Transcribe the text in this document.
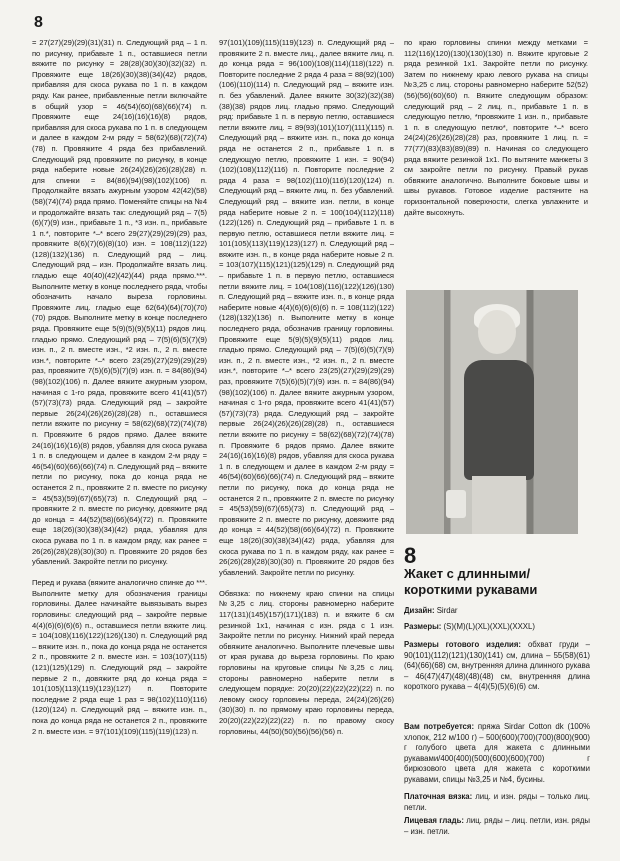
8
= 27(27)(29)(29)(31)(31) п. Следующий ряд – 1 п. по рисунку, прибавьте 1 п., оставшиеся петли вяжите по рисунку = 28(28)(30)(30)(32)(32) п. Провяжите еще 18(26)(30)(38)(34)(42) рядов, прибавляя для скоса рукава по 1 п. в каждом ряду. Как ранее, прибавленные петли включайте в общий узор = 46(54)(60)(68)(66)(74) п. Провяжите еще 24(16)(16)(16)(8) рядов, прибавляя для скоса рукава по 1 п. в следующем и далее в каждом 2-м ряду = 58(62)(68)(72)(74)(78) п. Провяжите 4 ряда без прибавлений. Следующий ряд провяжите по рисунку, в конце ряда наберите новые 26(24)(26)(26)(28)(28) п. для спинки = 84(86)(94)(98)(102)(106) п. Продолжайте вязать ажурным узором 42(42)(58)(58)(74)(74) ряда прямо. Поменяйте спицы на №4 и продолжайте вязать так: следующий ряд – 7(5)(6)(7)(9) изн., прибавьте 1 п., *3 изн. п., прибавьте 1 п.*, повторите *–* всего 29(27)(29)(29)(29) раз, провяжите 8(6)(7)(6)(8)(10) изн. = 108(112)(122)(128)(132)(136) п. Следующий ряд – лиц. Следующий ряд – изн. Продолжайте вязать лиц. гладью еще 40(40)(42)(42)(44) ряда прямо.***. Выполните метку в конце последнего ряда, чтобы обозначить начало выреза горловины. Провяжите лиц. гладью еще 62(64)(64)(70)(70)(70) рядов. Выполните метку в конце последнего ряда. Провяжите еще 5(9)(5)(9)(5)(11) рядов лиц. гладью прямо. Следующий ряд – 7(5)(6)(5)(7)(9) изн. п., 2 п. вместе изн., *2 изн. п., 2 п. вместе изн.*, повторите *–* всего 23(25)(27)(29)(29)(29) раз, провяжите 7(5)(6)(5)(7)(9) изн. п. = 84(86)(94)(98)(102)(106) п. Далее вяжите ажурным узором, начиная с 1-го ряда, провяжите всего 41(41)(57)(57)(73)(73) ряда. Следующий ряд – закройте первые 26(24)(26)(26)(28)(28) п., оставшиеся петли вяжите по рисунку = 58(62)(68)(72)(74)(78) п. Провяжите 6 рядов прямо. Далее вяжите 24(16)(16)(16)(8) рядов, убавляя для скоса рукава 1 п. в следующем и далее в каждом 2-м ряду = 46(54)(60)(66)(66)(74) п. Следующий ряд – вяжите петли по рисунку, пока до конца ряда не останется 2 п., провяжите 2 п. вместе по рисунку = 45(53)(59)(67)(65)(73) п. Следующий ряд – провяжите 2 п. вместе по рисунку, довяжите ряд до конца = 44(52)(58)(66)(64)(72) п. Провяжите еще 18(26)(30)(38)(34)(42) ряда, убавляя для скоса рукава по 1 п. в каждом ряду, как ранее = 26(26)(28)(28)(30)(30) п. Провяжите 20 рядов без убавлений. Закройте петли по рисунку.

Перед и рукава (вяжите аналогично спинке до ***. Выполните метку для обозначения границы горловины. Далее начинайте вывязывать вырез горловины: следующий ряд – закройте первые 4(4)(6)(6)(6)(6) п., оставшиеся петли вяжите лиц. = 104(108)(116)(122)(126)(130) п. Следующий ряд – вяжите изн. п., пока до конца ряда не останется 2 п., провяжите 2 п. вместе изн. = 103(107)(115)(121)(125)(129) п. Следующий ряд – закройте первые 2 п., довяжите ряд до конца ряда = 101(105)(113)(119)(123)(127) п. Повторите последние 2 ряда еще 1 раз = 98(102)(110)(116)(120)(124) п. Следующий ряд – вяжите изн. п., пока до конца ряда не останется 2 п., провяжите 2 п. вместе изн. = 97(101)(109)(115)(119)(123) п.
97(101)(109)(115)(119)(123) п. Следующий ряд – провяжите 2 п. вместе лиц., далее вяжите лиц. п. до конца ряда = 96(100)(108)(114)(118)(122) п. Повторите последние 2 ряда 4 раза = 88(92)(100)(106)(110)(114) п. Следующий ряд – вяжите изн. п. без убавлений. Далее вяжите 30(32)(32)(38)(38)(38) рядов лиц. гладью прямо. Следующий ряд: прибавьте 1 п. в первую петлю, оставшиеся петли вяжите лиц. = 89(93)(101)(107)(111)(115) п. Следующий ряд – вяжите изн. п., пока до конца ряда не останется 2 п., прибавьте 1 п. в следующую петлю, провяжите 1 изн. = 90(94)(102)(108)(112)(116) п. Повторите последние 2 ряда 4 раза = 98(102)(110)(116)(120)(124) п. Следующий ряд – вяжите лиц. п. без убавлений. Следующий ряд – вяжите изн. петли, в конце ряда наберите новые 2 п. = 100(104)(112)(118)(122)(126) п. Следующий ряд – прибавьте 1 п. в первую петлю, оставшиеся петли вяжите лиц. = 101(105)(113)(119)(123)(127) п. Следующий ряд – вяжите изн. п., в конце ряда наберите новые 2 п. = 103(107)(115)(121)(125)(129) п. Следующий ряд – прибавьте 1 п. в первую петлю, оставшиеся петли вяжите лиц. = 104(108)(116)(122)(126)(130) п. Следующий ряд – вяжите изн. п., в конце ряда наберите новые 4(4)(6)(6)(6)(6) п. = 108(112)(122)(128)(132)(136) п. Выполните метку в конце последнего ряда, обозначив границу горловины. Провяжите еще 5(9)(5)(9)(5)(11) рядов лиц. гладью прямо. Следующий ряд – 7(5)(6)(5)(7)(9) изн. п., 2 п. вместе изн., *2 изн. п., 2 п. вместе изн.*, повторите *–* всего 23(25)(27)(29)(29)(29) раз, провяжите 7(5)(6)(5)(7)(9) изн. п. = 84(86)(94)(98)(102)(106) п. Далее вяжите ажурным узором, начиная с 1-го ряда, провяжите всего 41(41)(57)(57)(73)(73) ряда. Следующий ряд – закройте первые 26(24)(26)(26)(28)(28) п., оставшиеся петли вяжите по рисунку = 58(62)(68)(72)(74)(78) п. Провяжите 6 рядов прямо. Далее вяжите 24(16)(16)(16)(8) рядов, убавляя для скоса рукава 1 п. в следующем и далее в каждом 2-м ряду = 46(54)(60)(66)(66)(74) п. Следующий ряд – вяжите петли по рисунку, пока до конца ряда не останется 2 п., провяжите 2 п. вместе по рисунку = 45(53)(59)(67)(65)(73) п. Следующий ряд – провяжите 2 п. вместе по рисунку, довяжите ряд до конца = 44(52)(58)(66)(64)(72) п. Провяжите еще 18(26)(30)(38)(34)(42) ряда, убавляя для скоса рукава по 1 п. в каждом ряду, как ранее = 26(26)(28)(28)(30)(30) п. Провяжите 20 рядов без убавлений. Закройте петли по рисунку.

Обвязка: по нижнему краю спинки на спицы №3,25 с лиц. стороны равномерно наберите 117(131)(145)(157)(171)(183) п. и вяжите 6 см резинкой 1х1, начиная с изн. ряда с 1 изн. Закройте петли по рисунку. Нижний край переда обвяжите аналогично. Выполните плечевые швы от края рукава до выреза горловины. По краю горловины на круговые спицы №3,25 с лиц. стороны равномерно наберите петли в следующем порядке: 20(20)(22)(22)(22)(22) п. по левому скосу горловины переда, 24(24)(26)(26)(30)(30) п. по прямому краю горловины переда, 20(20)(22)(22)(22)(22) п. по правому скосу горловины, 44(50)(50)(56)(56)(56) п.
по краю горловины спинки между метками = 112(116)(120)(130)(130)(130) п. Вяжите круговые 2 ряда резинкой 1х1. Закройте петли по рисунку. Затем по нижнему краю левого рукава на спицы №3,25 с лиц. стороны равномерно наберите 52(52)(56)(56)(60)(60) п. Вяжите следующим образом: следующий ряд – 2 лиц. п., прибавьте 1 п. в следующую петлю, *провяжите 1 изн. п., прибавьте 1 п. в следующую петлю*, повторите *–* всего 24(24)(26)(26)(28)(28) раз, провяжите 1 лиц. п. = 77(77)(83)(83)(89)(89) п. Начиная со следующего ряда вяжите резинкой 1х1. По вытяните манжеты 3 см закройте петли по рисунку. Правый рукав обвяжите аналогично. Выполните боковые швы и швы рукавов. Готовое изделие растяните на горизонтальной поверхности, слегка увлажните и дайте высохнуть.
8
Жакет с длинными/
короткими рукавами
Дизайн: Sirdar
Размеры: (S)(M)(L)(XL)(XXL)(XXXL)
Размеры готового изделия: обхват груди – 90(101)(112)(121)(130)(141) см, длина – 55(58)(61)(64)(66)(68) см, внутренняя длина длинного рукава – 46(47)(47)(48)(48)(48) см, внутренняя длина короткого рукава – 4(4)(5)(5)(6)(6) см.
Вам потребуется: пряжа Sirdar Cotton dk (100% хлопок, 212 м/100 г) – 500(600)(700)(700)(800)(900) г голубого цвета для жакета с длинными рукавами/400(400)(500)(600)(600)(700) г бирюзового цвета для жакета с короткими рукавами, спицы №3,25 и №4, бусины.
Платочная вязка: лиц. и изн. ряды – только лиц. петли.
Лицевая гладь: лиц. ряды – лиц. петли, изн. ряды – изн. петли.
